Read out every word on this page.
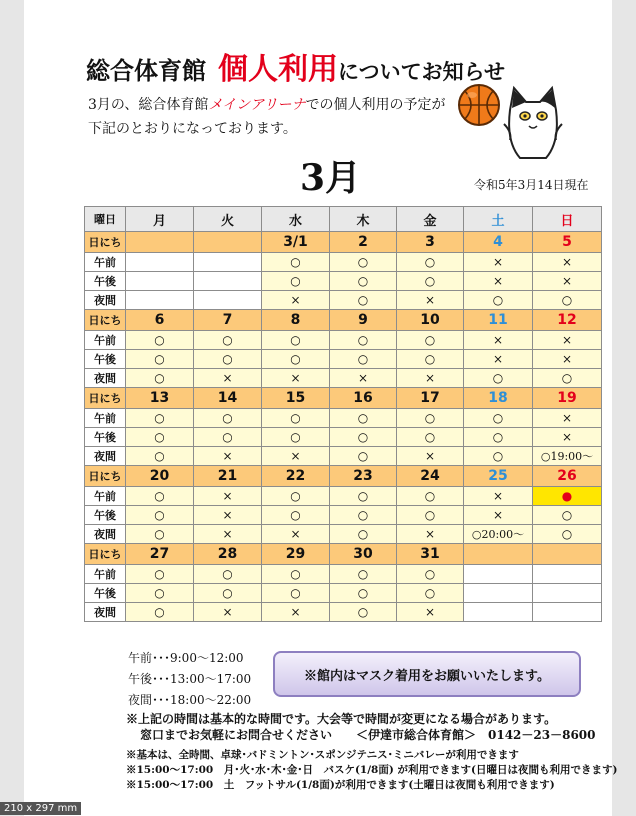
総合体育館 個人利用についてお知らせ
3月の、総合体育館メインアリーナでの個人利用の予定が
下記のとおりになっております。
3月	令和5年3月14日現在
曜日	月	火	水	木	金	土	日
日にち			3/1	2	3	4	5
午前			○	○	○	×	×
午後			○	○	○	×	×
夜間			×	○	×	○	○
日にち	6	7	8	9	10	11	12
午前	○	○	○	○	○	×	×
午後	○	○	○	○	○	×	×
夜間	○	×	×	×	×	○	○
日にち	13	14	15	16	17	18	19
午前	○	○	○	○	○	○	×
午後	○	○	○	○	○	○	×
夜間	○	×	×	○	×	○	○19:00～
日にち	20	21	22	23	24	25	26
午前	○	×	○	○	○	×	●
午後	○	×	○	○	○	×	○
夜間	○	×	×	○	×	○20:00～	○
日にち	27	28	29	30	31		
午前	○	○	○	○	○		
午後	○	○	○	○	○		
夜間	○	×	×	○	×		
午前･･･9:00～12:00
午後･･･13:00～17:00
夜間･･･18:00～22:00
※館内はマスク着用をお願いいたします。
※上記の時間は基本的な時間です。大会等で時間が変更になる場合があります。
窓口までお気軽にお問合せください　　＜伊達市総合体育館＞　0142－23－8600
※基本は、全時間、卓球･バドミントン･スポンジテニス･ミニバレーが利用できます
※15:00～17:00　月･火･水･木･金･日　バスケ(1/8面) が利用できます(日曜日は夜間も利用できます)
※15:00～17:00　土　フットサル(1/8面)が利用できます(土曜日は夜間も利用できます)
210 x 297 mm
